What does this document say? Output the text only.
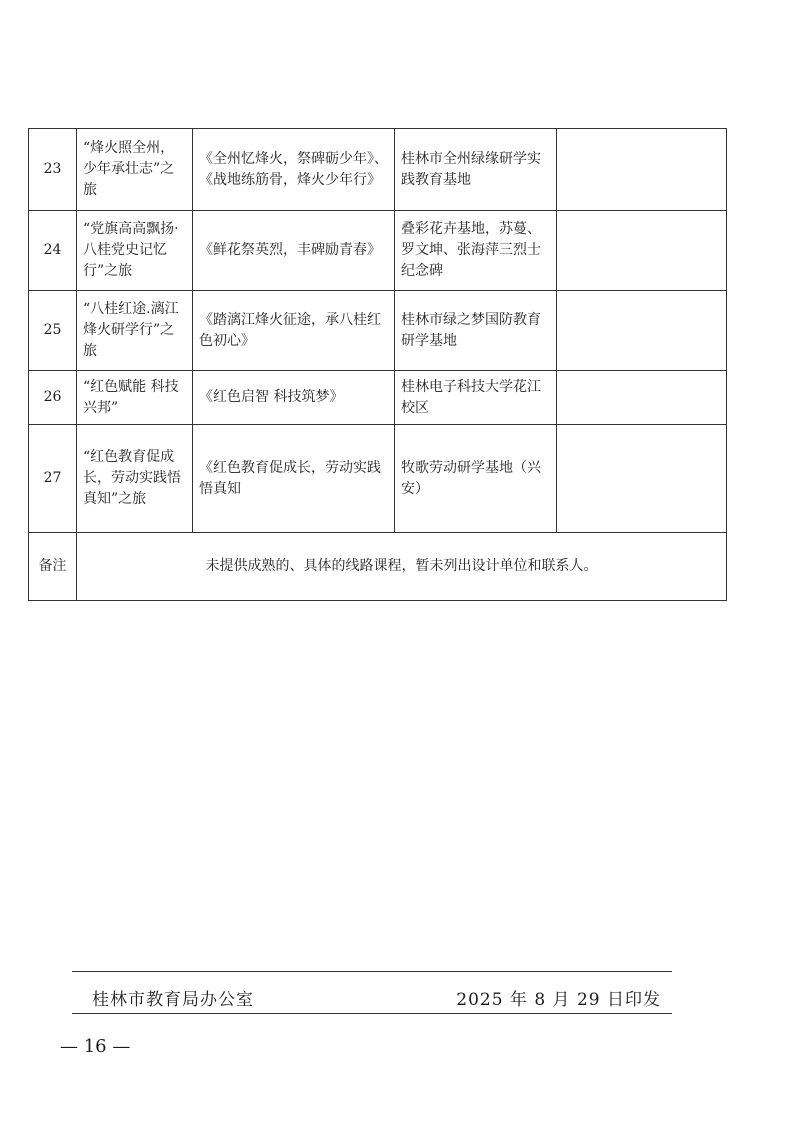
23	“烽火照全州，少年承壮志”之旅	《全州忆烽火，祭碑砺少年》、《战地练筋骨，烽火少年行》	桂林市全州绿缘研学实践教育基地	
24	“党旗高高飘扬·八桂党史记忆行”之旅	《鲜花祭英烈，丰碑励青春》	叠彩花卉基地，苏蔓、罗文坤、张海萍三烈士纪念碑	
25	“八桂红途.漓江烽火研学行”之旅	《踏漓江烽火征途，承八桂红色初心》	桂林市绿之梦国防教育研学基地	
26	“红色赋能 科技兴邦”	《红色启智 科技筑梦》	桂林电子科技大学花江校区	
27	“红色教育促成长，劳动实践悟真知”之旅	《红色教育促成长，劳动实践悟真知	牧歌劳动研学基地（兴安）	
备注	未提供成熟的、具体的线路课程，暂未列出设计单位和联系人。			
桂林市教育局办公室	2025 年 8 月 29 日印发
— 16 —
